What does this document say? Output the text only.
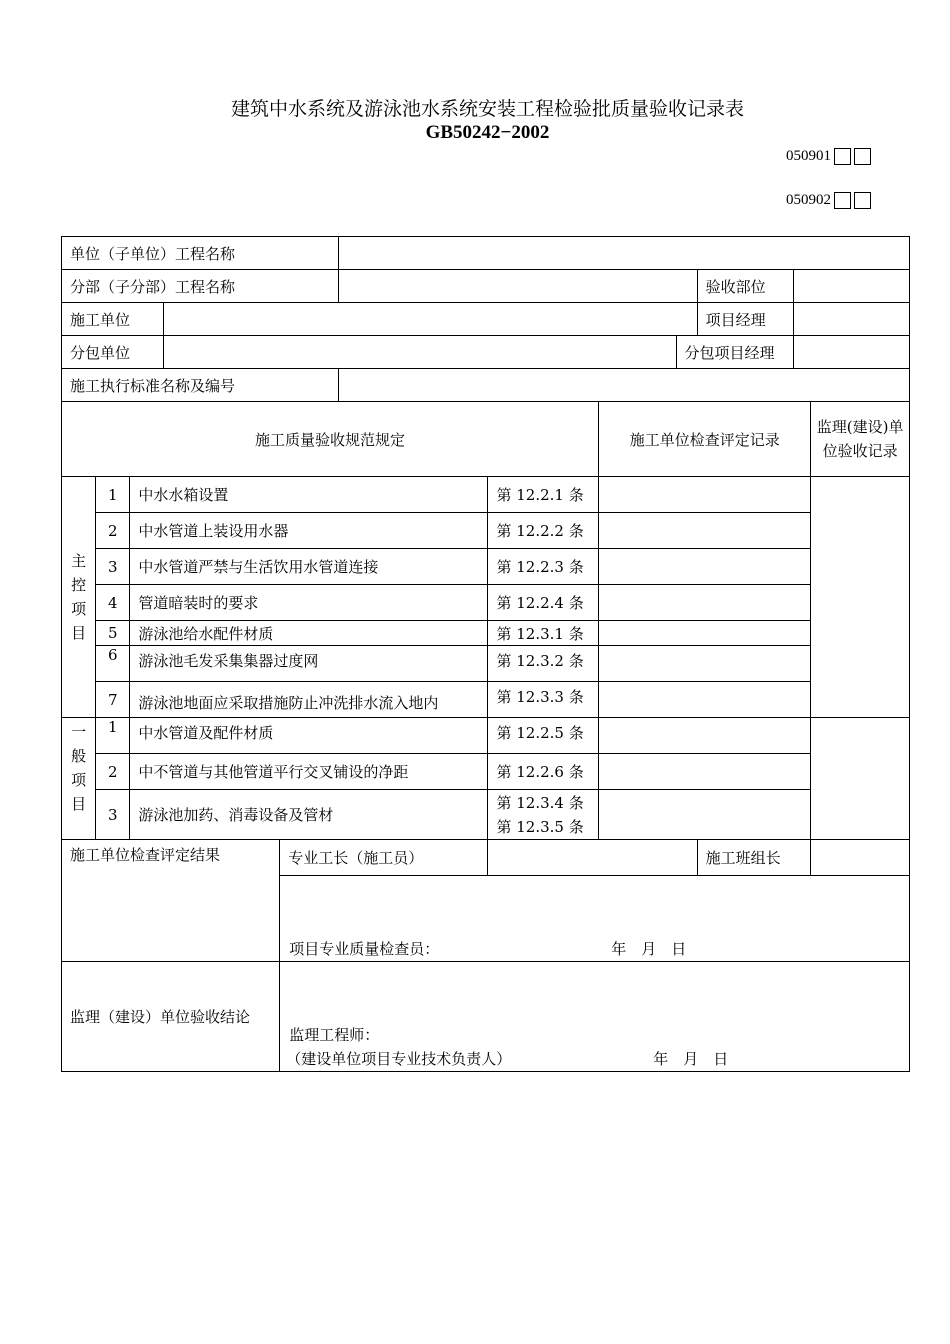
建筑中水系统及游泳池水系统安装工程检验批质量验收记录表
GB50242−2002
050901
050902
单位（子单位）工程名称											
分部（子分部）工程名称									验收部位		
施工单位									项目经理		
分包单位								分包项目经理			
施工执行标准名称及编号											
施工质量验收规范规定							施工单位检查评定记录				监理(建设)单位验收记录
主控项目	1	中水水箱设置				第 12.2.1 条					
	2	中水管道上装设用水器				第 12.2.2 条					
	3	中水管道严禁与生活饮用水管道连接				第 12.2.3 条					
	4	管道暗装时的要求				第 12.2.4 条					
	5	游泳池给水配件材质				第 12.3.1 条					
	6	游泳池毛发采集集器过度网				第 12.3.2 条					
	7	游泳池地面应采取措施防止冲洗排水流入地内				第 12.3.3 条					
一般项目	1	中水管道及配件材质				第 12.2.5 条					
	2	中不管道与其他管道平行交叉铺设的净距				第 12.2.6 条					
	3	游泳池加药、消毒设备及管材				第 12.3.4 条
第 12.3.5 条					
施工单位检查评定结果				专业工长（施工员）					施工班组长		

				项目专业质量检查员： 年　月　日							

监理（建设）单位验收结论				监理工程师：
（建设单位项目专业技术负责人） 年　月　日							
